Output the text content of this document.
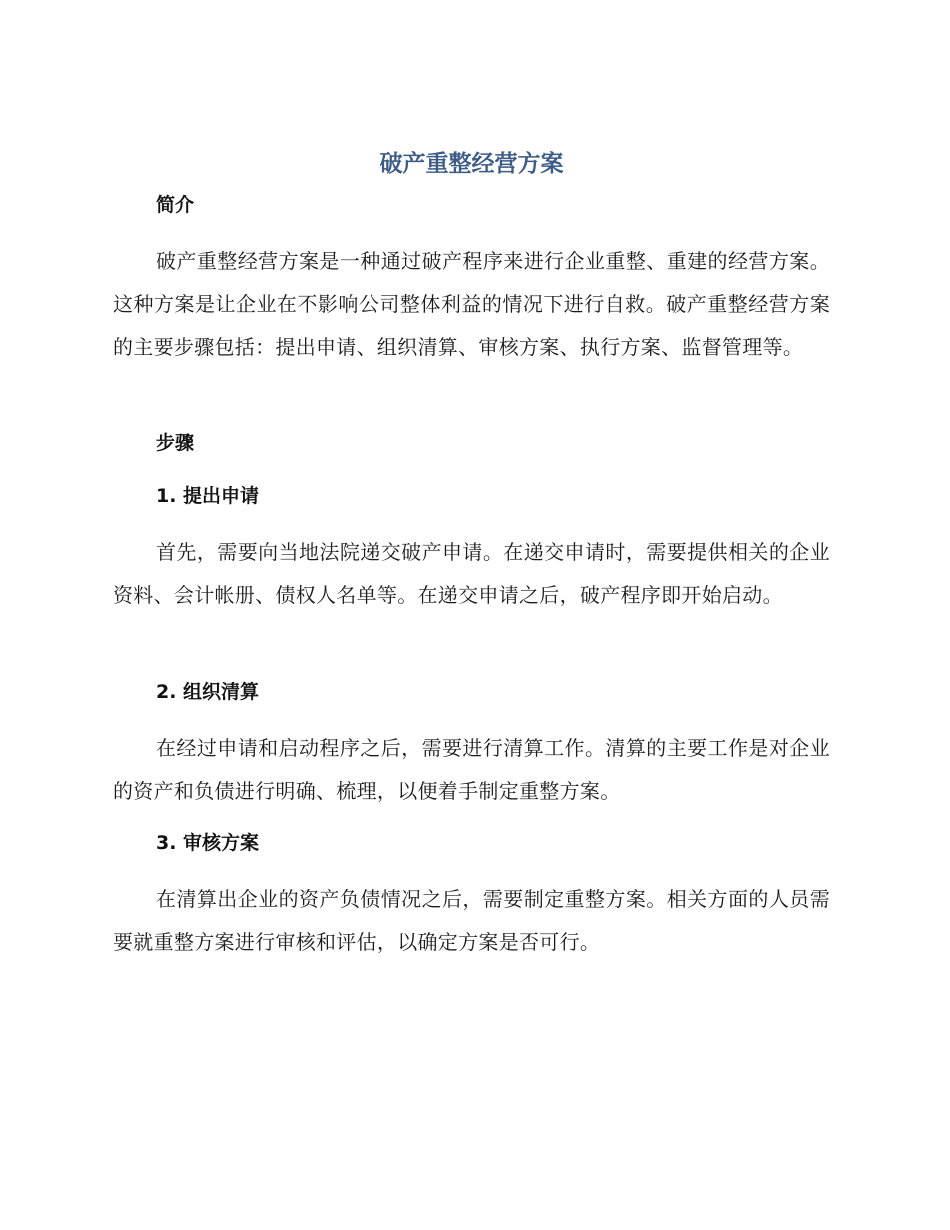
破产重整经营方案
简介

破产重整经营方案是一种通过破产程序来进行企业重整、重建的经营方案。这种方案是让企业在不影响公司整体利益的情况下进行自救。破产重整经营方案的主要步骤包括：提出申请、组织清算、审核方案、执行方案、监督管理等。

步骤
1. 提出申请

首先，需要向当地法院递交破产申请。在递交申请时，需要提供相关的企业资料、会计帐册、债权人名单等。在递交申请之后，破产程序即开始启动。

2. 组织清算

在经过申请和启动程序之后，需要进行清算工作。清算的主要工作是对企业的资产和负债进行明确、梳理，以便着手制定重整方案。

3. 审核方案

在清算出企业的资产负债情况之后，需要制定重整方案。相关方面的人员需要就重整方案进行审核和评估，以确定方案是否可行。
